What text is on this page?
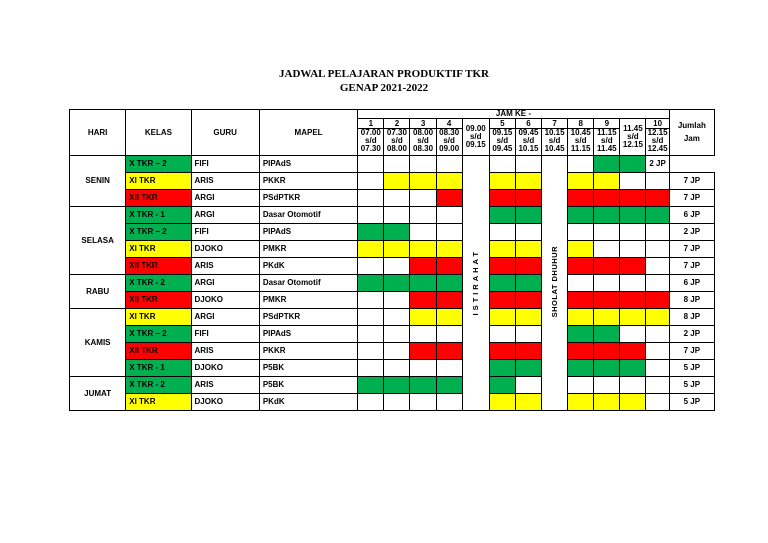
JADWAL PELAJARAN PRODUKTIF TKR
GENAP 2021-2022
HARI	KELAS	GURU	MAPEL	JAM KE -												Jumlah Jam
				1	2	3	4	09.00 s/d 09.15	5	6	7	8	9	11.45 s/d 12.15	10	
				07.00 s/d 07.30	07.30 s/d 08.00	08.00 s/d 08.30	08.30 s/d 09.00		09.15 s/d 09.45	09.45 s/d 10.15	10.15 s/d 10.45	10.45 s/d 11.15	11.15 s/d 11.45		12.15 s/d 12.45	
SENIN	X TKR – 2	FIFI	PIPAdS					ISTIRAHAT			SHOLAT DHUHUR				2 JP	
	XI TKR	ARIS	PKKR													7 JP
	XII TKR	ARGI	PSdPTKR													7 JP
SELASA	X TKR - 1	ARGI	Dasar Otomotif													6 JP
	X TKR – 2	FIFI	PIPAdS													2 JP
	XI TKR	DJOKO	PMKR													7 JP
	XII TKR	ARIS	PKdK													7 JP
RABU	X TKR - 2	ARGI	Dasar Otomotif													6 JP
	XII TKR	DJOKO	PMKR													8 JP
KAMIS	XI TKR	ARGI	PSdPTKR													8 JP
	X TKR – 2	FIFI	PIPAdS													2 JP
	XII TKR	ARIS	PKKR													7 JP
	X TKR - 1	DJOKO	P5BK													5 JP
JUMAT	X TKR - 2	ARIS	P5BK													5 JP
	XI TKR	DJOKO	PKdK													5 JP
